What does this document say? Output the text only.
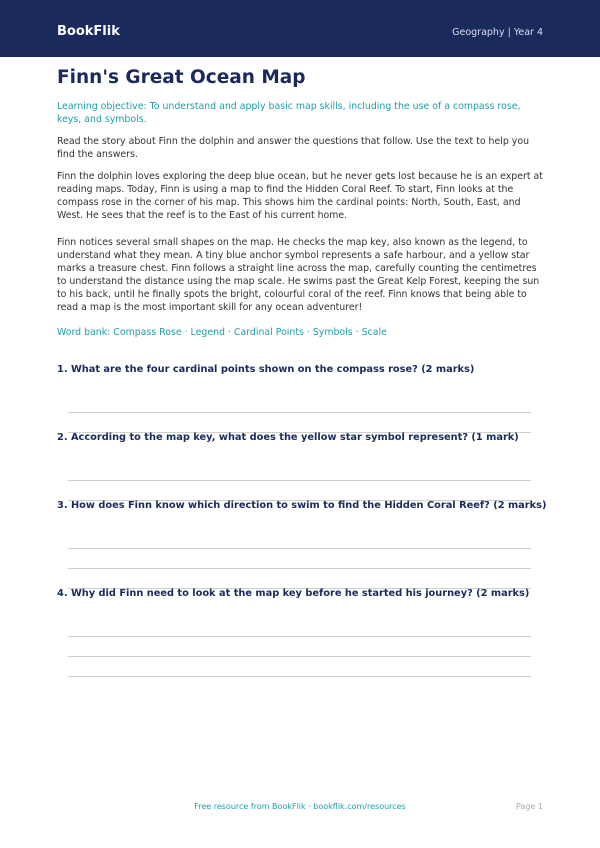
BookFlik	Geography | Year 4
Finn's Great Ocean Map
Learning objective: To understand and apply basic map skills, including the use of a compass rose, keys, and symbols.
Read the story about Finn the dolphin and answer the questions that follow. Use the text to help you find the answers.
Finn the dolphin loves exploring the deep blue ocean, but he never gets lost because he is an expert at reading maps. Today, Finn is using a map to find the Hidden Coral Reef. To start, Finn looks at the compass rose in the corner of his map. This shows him the cardinal points: North, South, East, and West. He sees that the reef is to the East of his current home.
Finn notices several small shapes on the map. He checks the map key, also known as the legend, to understand what they mean. A tiny blue anchor symbol represents a safe harbour, and a yellow star marks a treasure chest. Finn follows a straight line across the map, carefully counting the centimetres to understand the distance using the map scale. He swims past the Great Kelp Forest, keeping the sun to his back, until he finally spots the bright, colourful coral of the reef. Finn knows that being able to read a map is the most important skill for any ocean adventurer!
Word bank: Compass Rose · Legend · Cardinal Points · Symbols · Scale
1. What are the four cardinal points shown on the compass rose? (2 marks)
2. According to the map key, what does the yellow star symbol represent? (1 mark)
3. How does Finn know which direction to swim to find the Hidden Coral Reef? (2 marks)
4. Why did Finn need to look at the map key before he started his journey? (2 marks)
Free resource from BookFlik · bookflik.com/resources	Page 1
